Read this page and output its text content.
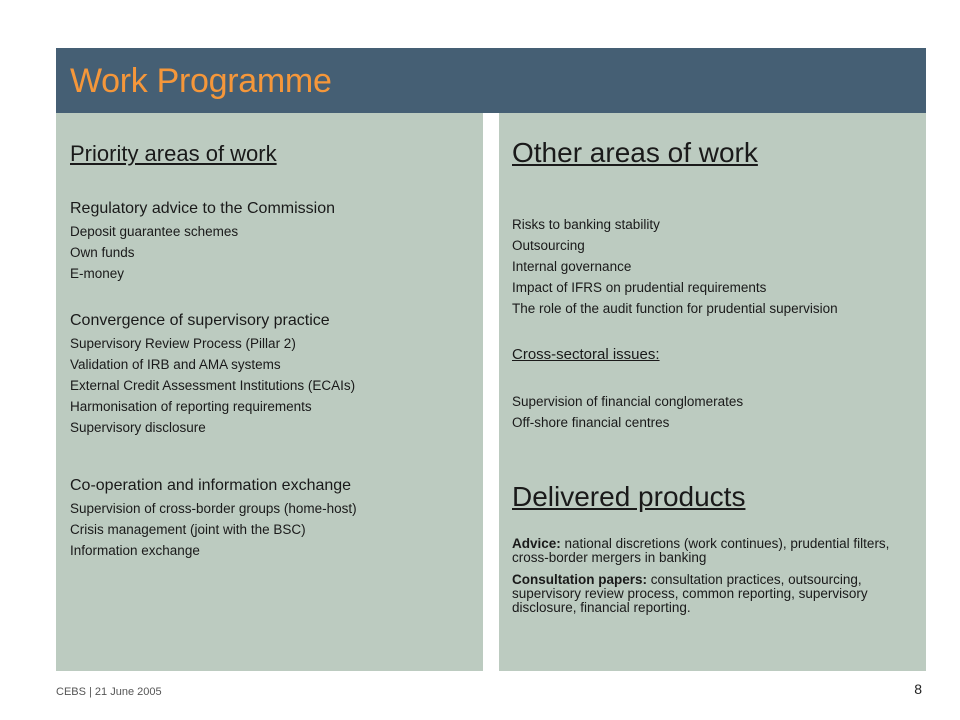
Work Programme
Priority areas of work
Regulatory advice to the Commission
Deposit guarantee schemes
Own funds
E-money
Convergence of supervisory practice
Supervisory Review Process (Pillar 2)
Validation of IRB and AMA systems
External Credit Assessment Institutions (ECAIs)
Harmonisation of reporting requirements
Supervisory disclosure
Co-operation and information exchange
Supervision of cross-border groups (home-host)
Crisis management (joint with the BSC)
Information exchange
Other areas of work
Risks to banking stability
Outsourcing
Internal governance
Impact of IFRS on prudential requirements
The role of the audit function for prudential supervision
Cross-sectoral issues:
Supervision of financial conglomerates
Off-shore financial centres
Delivered products
Advice: national discretions (work continues), prudential filters, cross-border mergers in banking
Consultation papers: consultation practices, outsourcing, supervisory review process, common reporting, supervisory disclosure, financial reporting.
CEBS | 21 June 2005	8
